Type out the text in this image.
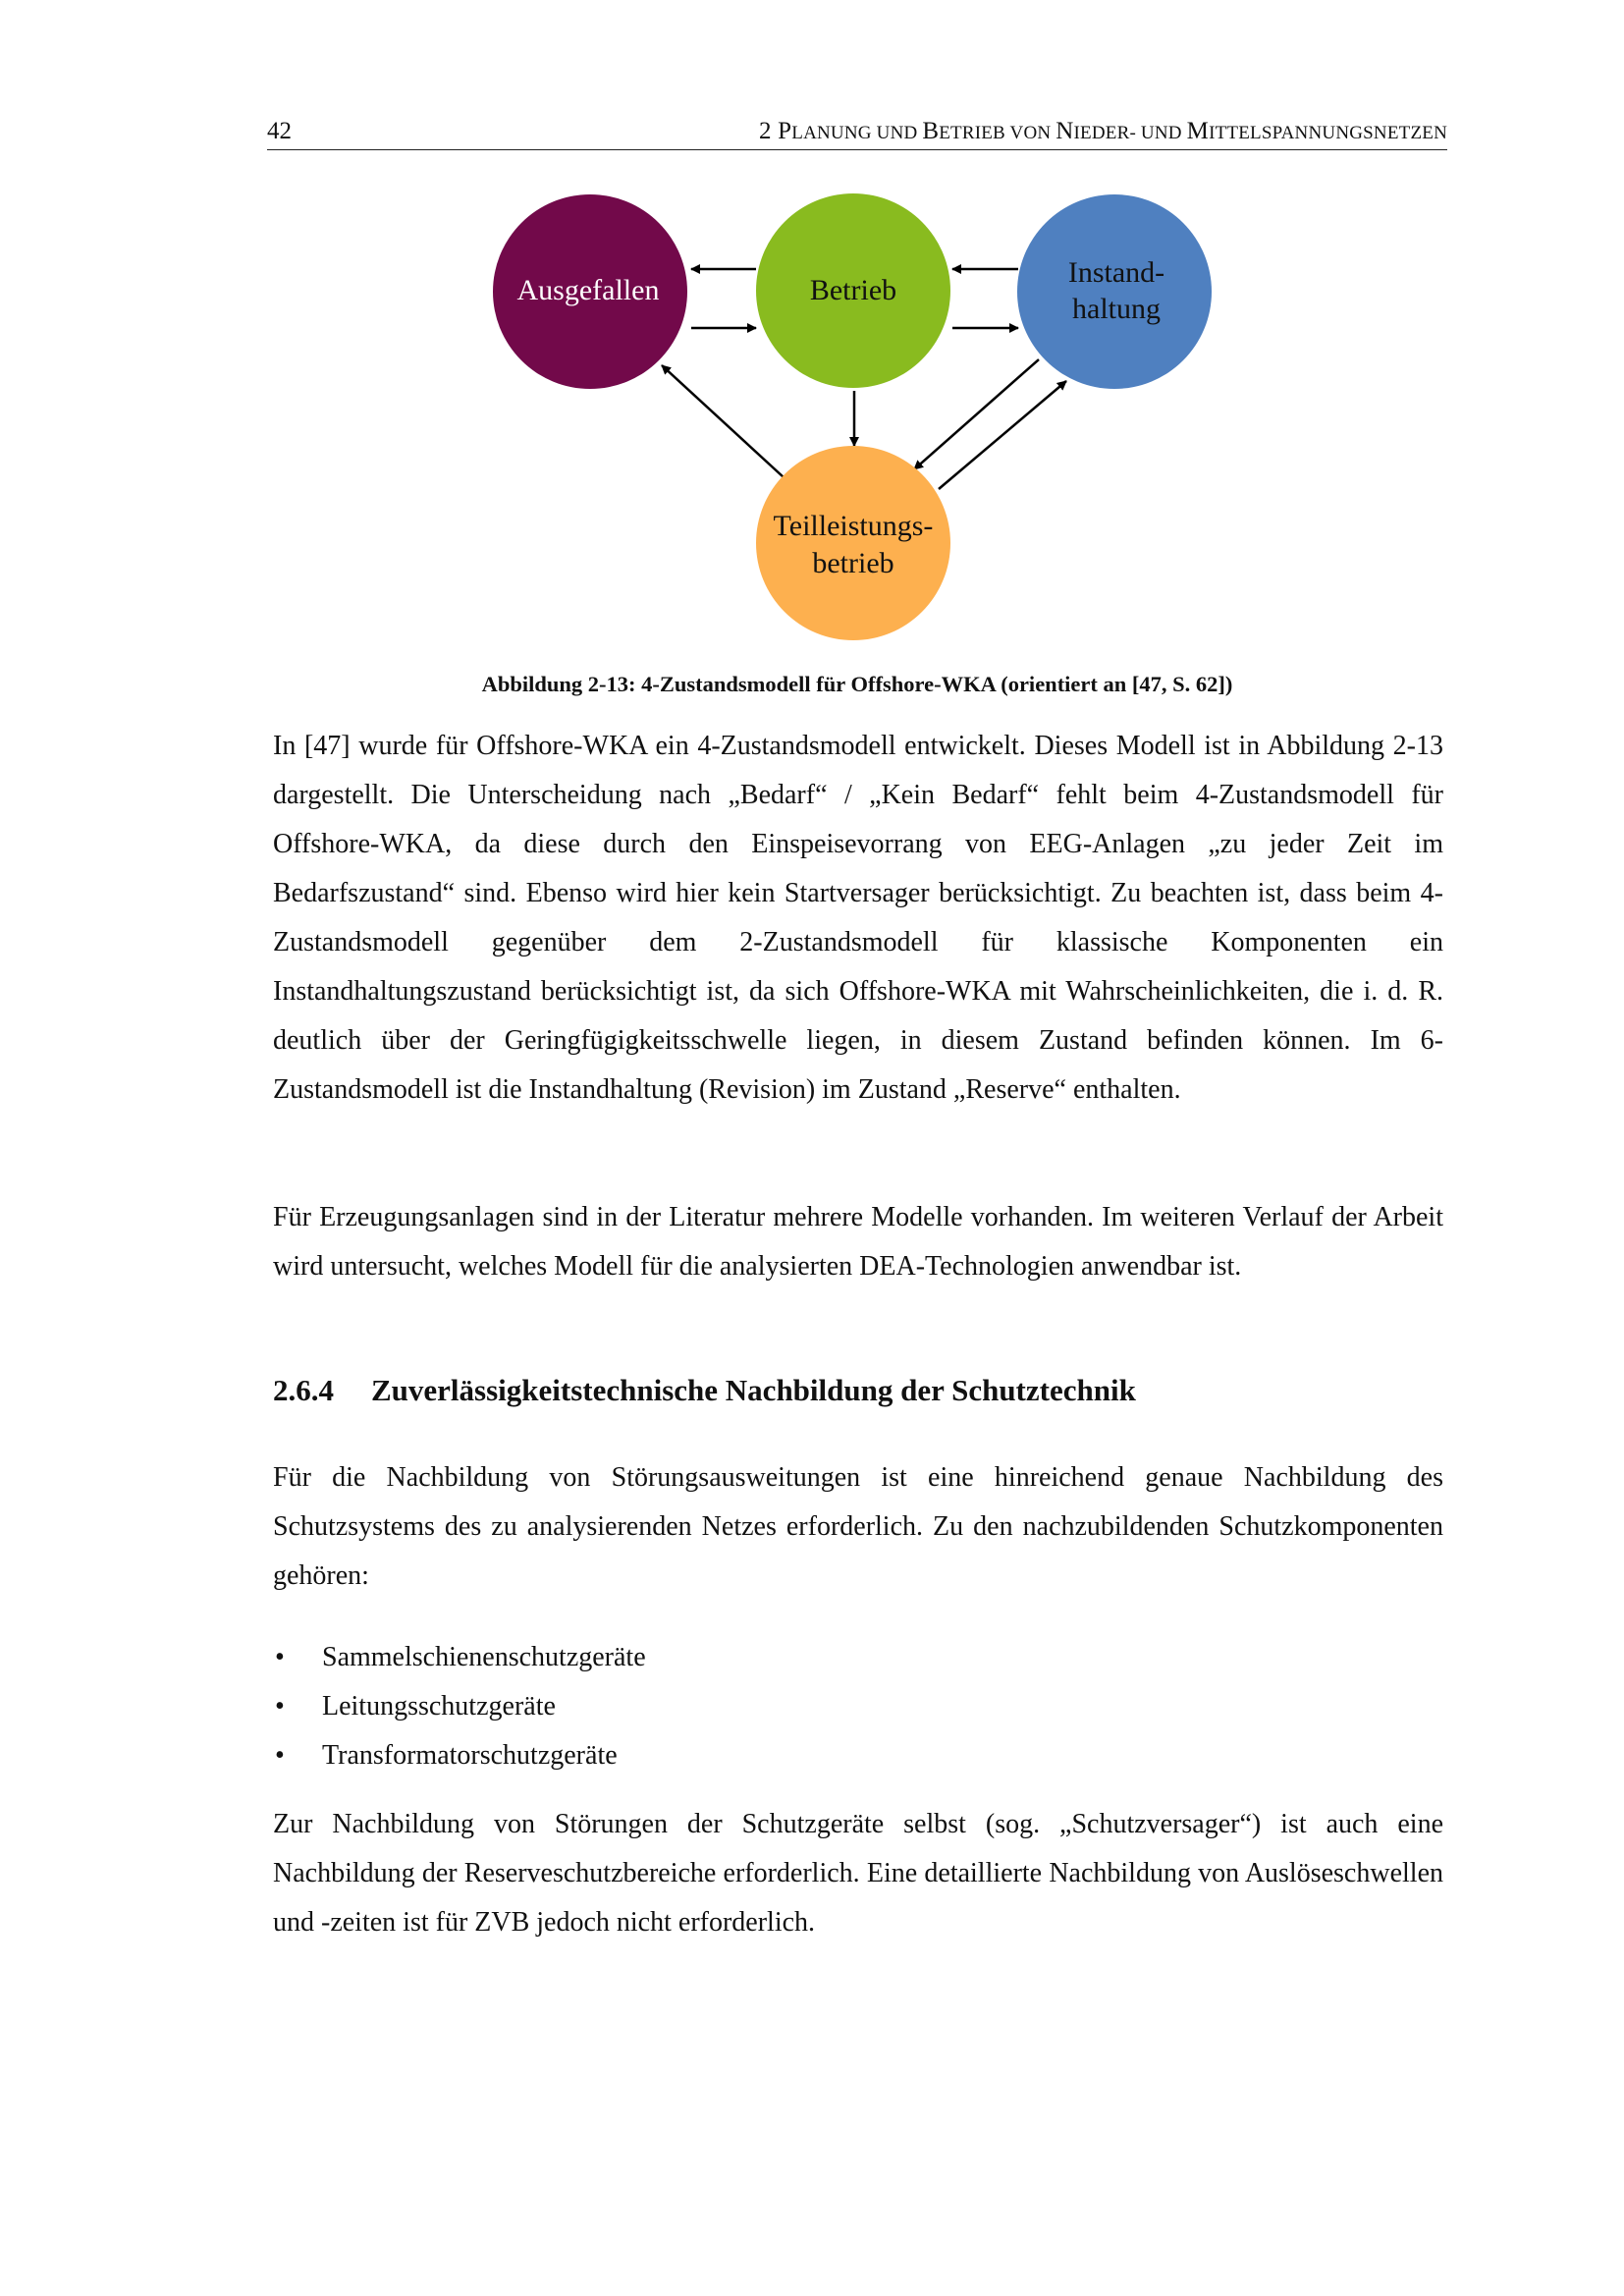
42	2 PLANUNG UND BETRIEB VON NIEDER- UND MITTELSPANNUNGSNETZEN
Ausgefallen	Betrieb
Instand-
haltung
Teilleistungs-
betrieb
Abbildung 2-13: 4-Zustandsmodell für Offshore-WKA (orientiert an [47, S. 62])

In [47] wurde für Offshore-WKA ein 4-Zustandsmodell entwickelt. Dieses Modell ist in Abbildung 2-13 dargestellt. Die Unterscheidung nach „Bedarf“ / „Kein Bedarf“ fehlt beim 4-Zustandsmodell für Offshore-WKA, da diese durch den Einspeisevorrang von EEG-Anlagen „zu jeder Zeit im Bedarfszustand“ sind. Ebenso wird hier kein Startversager berücksichtigt. Zu beachten ist, dass beim 4-Zustandsmodell gegenüber dem 2-Zustandsmodell für klassische Komponenten ein Instandhaltungszustand berücksichtigt ist, da sich Offshore-WKA mit Wahrscheinlichkeiten, die i. d. R. deutlich über der Geringfügigkeitsschwelle liegen, in diesem Zustand befinden können. Im 6-Zustandsmodell ist die Instandhaltung (Revision) im Zustand „Reserve“ enthalten.

Für Erzeugungsanlagen sind in der Literatur mehrere Modelle vorhanden. Im weiteren Verlauf der Arbeit wird untersucht, welches Modell für die analysierten DEA-Technologien anwendbar ist.

2.6.4 Zuverlässigkeitstechnische Nachbildung der Schutztechnik

Für die Nachbildung von Störungsausweitungen ist eine hinreichend genaue Nachbildung des Schutzsystems des zu analysierenden Netzes erforderlich. Zu den nachzubildenden Schutzkomponenten gehören:

• Sammelschienenschutzgeräte
• Leitungsschutzgeräte
• Transformatorschutzgeräte

Zur Nachbildung von Störungen der Schutzgeräte selbst (sog. „Schutzversager“) ist auch eine Nachbildung der Reserveschutzbereiche erforderlich. Eine detaillierte Nachbildung von Auslöseschwellen und -zeiten ist für ZVB jedoch nicht erforderlich.
